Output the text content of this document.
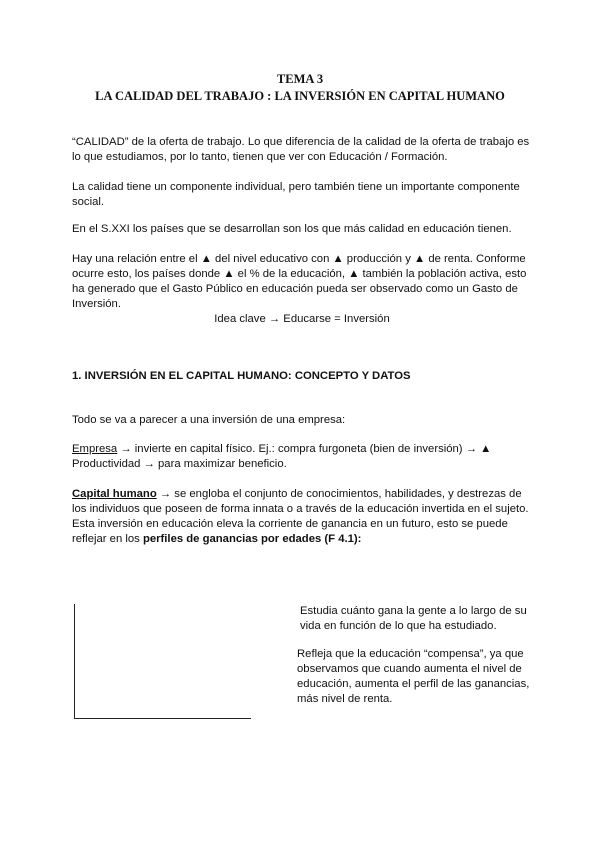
TEMA 3
LA CALIDAD DEL TRABAJO : LA INVERSIÓN EN CAPITAL HUMANO
“CALIDAD” de la oferta de trabajo. Lo que diferencia de la calidad de la oferta de trabajo es lo que estudiamos, por lo tanto, tienen que ver con Educación / Formación.
La calidad tiene un componente individual, pero también tiene un importante componente social.
En el S.XXI los países que se desarrollan son los que más calidad en educación tienen.
Hay una relación entre el ▲ del nivel educativo con ▲ producción y ▲ de renta. Conforme ocurre esto, los países donde ▲ el % de la educación, ▲ también la población activa, esto ha generado que el Gasto Público en educación pueda ser observado como un Gasto de Inversión.
Idea clave → Educarse = Inversión
1. INVERSIÓN EN EL CAPITAL HUMANO: CONCEPTO Y DATOS
Todo se va a parecer a una inversión de una empresa:
Empresa → invierte en capital físico. Ej.: compra furgoneta (bien de inversión) → ▲ Productividad → para maximizar beneficio.
Capital humano → se engloba el conjunto de conocimientos, habilidades, y destrezas de los individuos que poseen de forma innata o a través de la educación invertida en el sujeto. Esta inversión en educación eleva la corriente de ganancia en un futuro, esto se puede reflejar en los perfiles de ganancias por edades (F 4.1):
Estudia cuánto gana la gente a lo largo de su vida en función de lo que ha estudiado.
Refleja que la educación “compensa”, ya que observamos que cuando aumenta el nivel de educación, aumenta el perfil de las ganancias, más nivel de renta.
